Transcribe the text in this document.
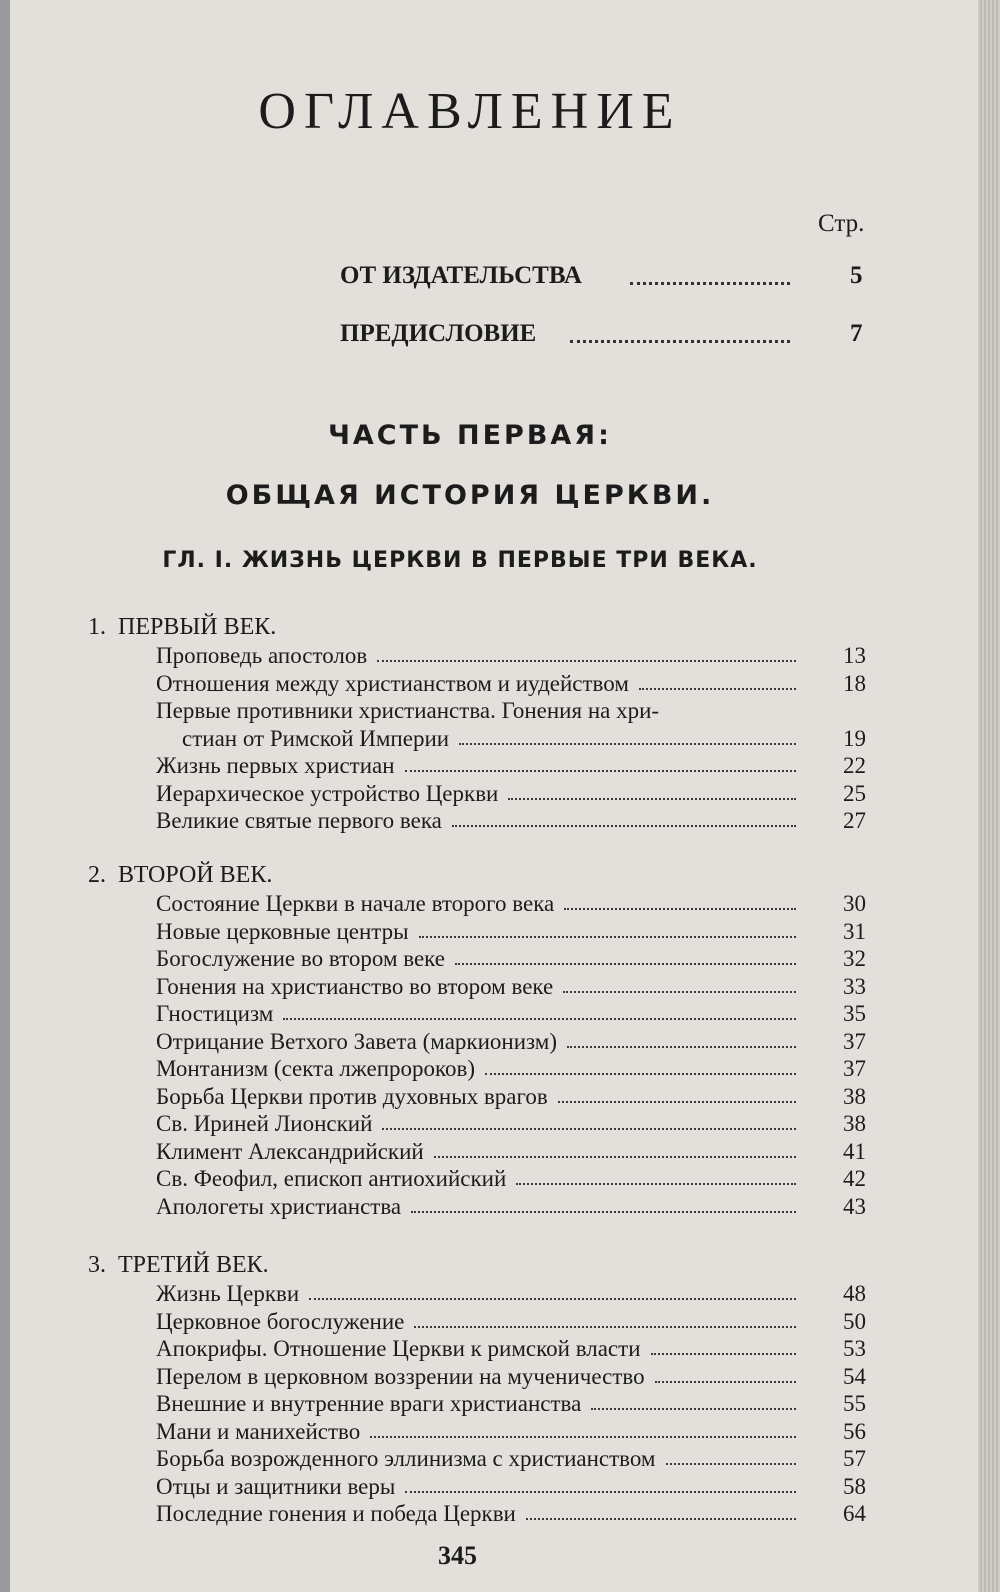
ОГЛАВЛЕНИЕ
Стр.
ОТ ИЗДАТЕЛЬСТВА	5
ПРЕДИСЛОВИЕ	7
ЧАСТЬ ПЕРВАЯ:
ОБЩАЯ ИСТОРИЯ ЦЕРКВИ.
ГЛ. I. ЖИЗНЬ ЦЕРКВИ В ПЕРВЫЕ ТРИ ВЕКА.
1. ПЕРВЫЙ ВЕК.
Проповедь апостолов	13
Отношения между христианством и иудейством	18
Первые противники христианства. Гонения на хри-
стиан от Римской Империи	19
Жизнь первых христиан	22
Иерархическое устройство Церкви	25
Великие святые первого века	27
2. ВТОРОЙ ВЕК.
Состояние Церкви в начале второго века	30
Новые церковные центры	31
Богослужение во втором веке	32
Гонения на христианство во втором веке	33
Гностицизм	35
Отрицание Ветхого Завета (маркионизм)	37
Монтанизм (секта лжепророков)	37
Борьба Церкви против духовных врагов	38
Св. Ириней Лионский	38
Климент Александрийский	41
Св. Феофил, епископ антиохийский	42
Апологеты христианства	43
3. ТРЕТИЙ ВЕК.
Жизнь Церкви	48
Церковное богослужение	50
Апокрифы. Отношение Церкви к римской власти	53
Перелом в церковном воззрении на мученичество	54
Внешние и внутренние враги христианства	55
Мани и манихейство	56
Борьба возрожденного эллинизма с христианством	57
Отцы и защитники веры	58
Последние гонения и победа Церкви	64
345
